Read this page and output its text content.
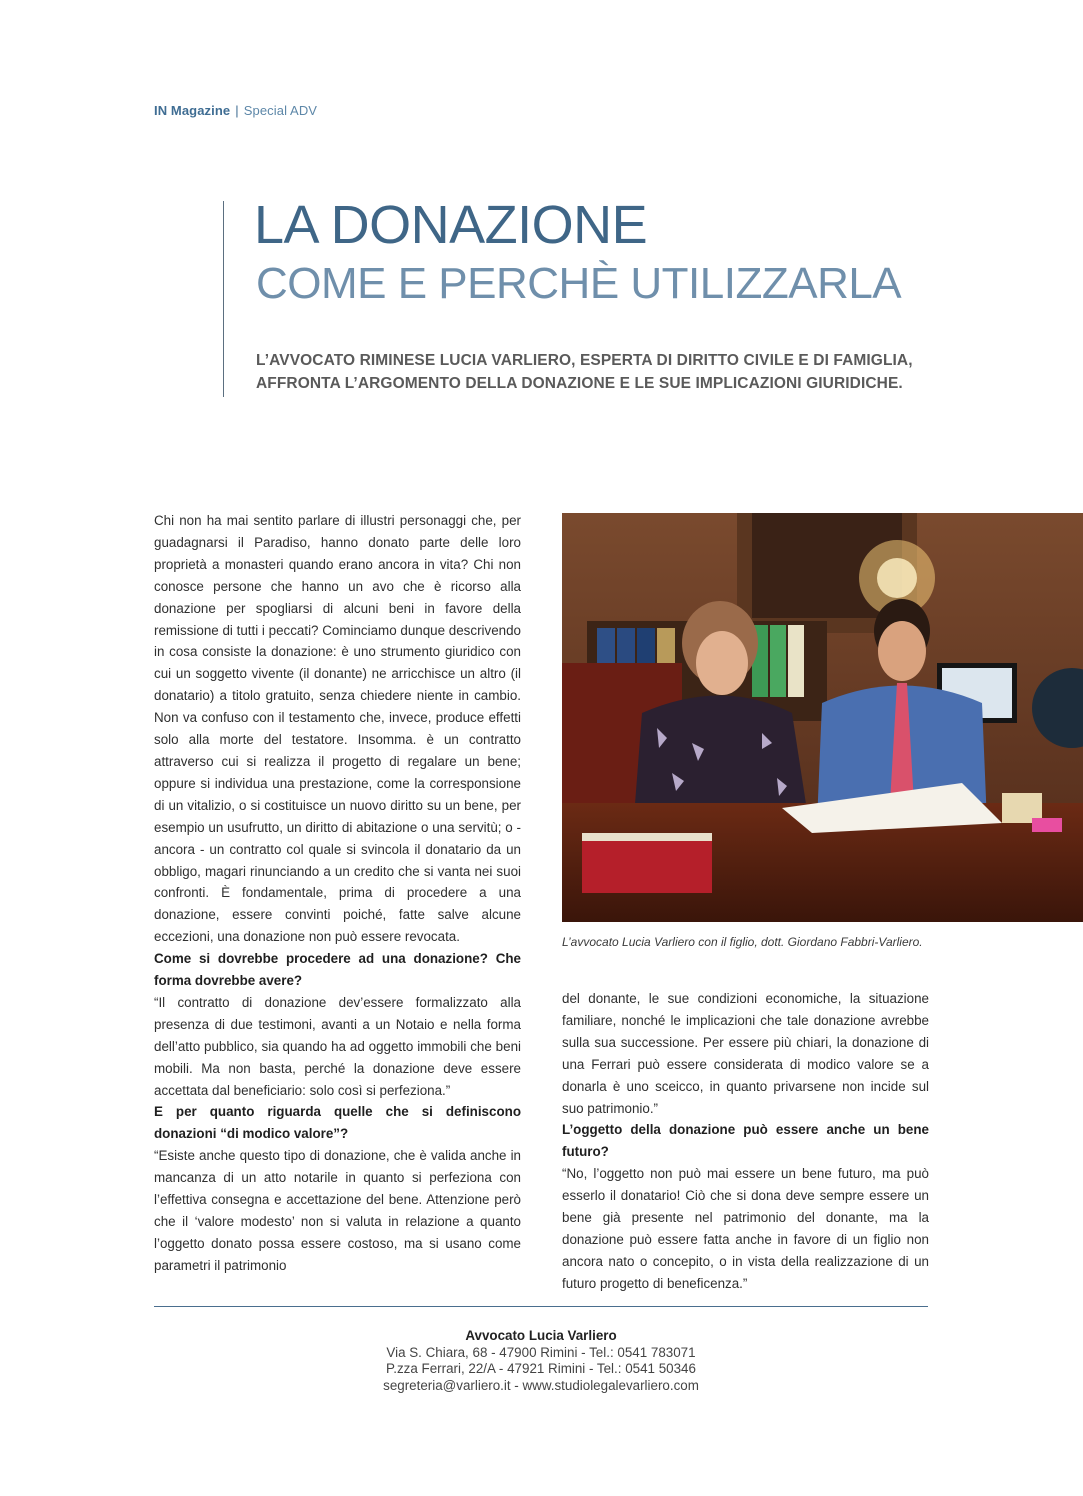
IN Magazine | Special ADV
LA DONAZIONE
COME E PERCHÈ UTILIZZARLA
L’AVVOCATO RIMINESE LUCIA VARLIERO, ESPERTA DI DIRITTO CIVILE E DI FAMIGLIA,
AFFRONTA L’ARGOMENTO DELLA DONAZIONE E LE SUE IMPLICAZIONI GIURIDICHE.

Chi non ha mai sentito parlare di illustri personaggi che, per guadagnarsi il Paradiso, hanno donato parte delle loro proprietà a monasteri quando erano ancora in vita? Chi non conosce persone che hanno un avo che è ricorso alla donazione per spogliarsi di alcuni beni in favore della remissione di tutti i peccati? Cominciamo dunque descrivendo in cosa consiste la donazione: è uno strumento giuridico con cui un soggetto vivente (il donante) ne arricchisce un altro (il donatario) a titolo gratuito, senza chiedere niente in cambio. Non va confuso con il testamento che, invece, produce effetti solo alla morte del testatore. Insomma. è un contratto attraverso cui si realizza il progetto di regalare un bene; oppure si individua una prestazione, come la corresponsione di un vitalizio, o si costituisce un nuovo diritto su un bene, per esempio un usufrutto, un diritto di abitazione o una servitù; o - ancora - un contratto col quale si svincola il donatario da un obbligo, magari rinunciando a un credito che si vanta nei suoi confronti. È fondamentale, prima di procedere a una donazione, essere convinti poiché, fatte salve alcune eccezioni, una donazione non può essere revocata.

Come si dovrebbe procedere ad una donazione? Che forma dovrebbe avere?

“Il contratto di donazione dev’essere formalizzato alla presenza di due testimoni, avanti a un Notaio e nella forma dell’atto pubblico, sia quando ha ad oggetto immobili che beni mobili. Ma non basta, perché la donazione deve essere accettata dal beneficiario: solo così si perfeziona.”

E per quanto riguarda quelle che si definiscono donazioni “di modico valore”?

“Esiste anche questo tipo di donazione, che è valida anche in mancanza di un atto notarile in quanto si perfeziona con l’effettiva consegna e accettazione del bene. Attenzione però che il ‘valore modesto’ non si valuta in relazione a quanto l’oggetto donato possa essere costoso, ma si usano come parametri il patrimonio

L’avvocato Lucia Varliero con il figlio, dott. Giordano Fabbri-Varliero.

del donante, le sue condizioni economiche, la situazione familiare, nonché le implicazioni che tale donazione avrebbe sulla sua successione. Per essere più chiari, la donazione di una Ferrari può essere considerata di modico valore se a donarla è uno sceicco, in quanto privarsene non incide sul suo patrimonio.”

L’oggetto della donazione può essere anche un bene futuro?

“No, l’oggetto non può mai essere un bene futuro, ma può esserlo il donatario! Ciò che si dona deve sempre essere un bene già presente nel patrimonio del donante, ma la donazione può essere fatta anche in favore di un figlio non ancora nato o concepito, o in vista della realizzazione di un futuro progetto di beneficenza.”

Avvocato Lucia Varliero
Via S. Chiara, 68 - 47900 Rimini - Tel.: 0541 783071
P.zza Ferrari, 22/A - 47921 Rimini - Tel.: 0541 50346
segreteria@varliero.it - www.studiolegalevarliero.com
